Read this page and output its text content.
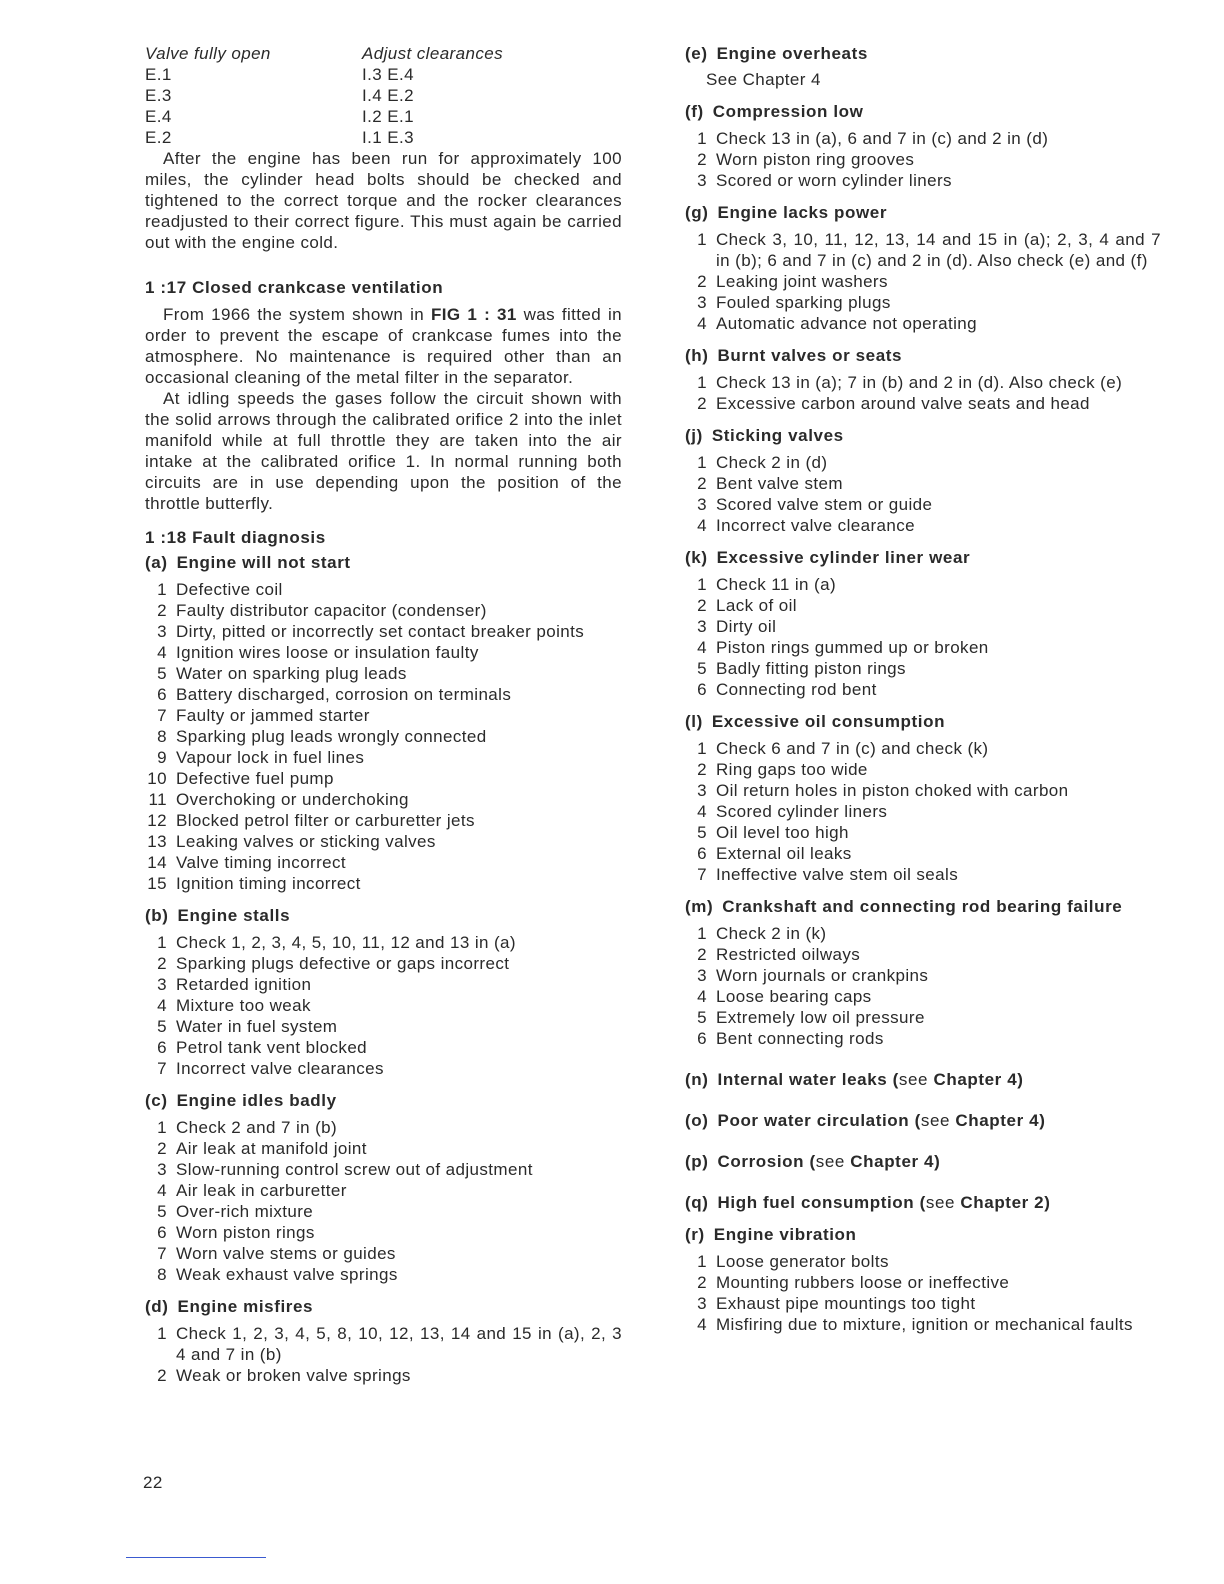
Valve fully open	Adjust clearances
E.1	I.3 E.4
E.3	I.4 E.2
E.4	I.2 E.1
E.2	I.1 E.3

After the engine has been run for approximately 100 miles, the cylinder head bolts should be checked and tightened to the correct torque and the rocker clearances readjusted to their correct figure. This must again be carried out with the engine cold.

1 :17 Closed crankcase ventilation

From 1966 the system shown in FIG 1 : 31 was fitted in order to prevent the escape of crankcase fumes into the atmosphere. No maintenance is required other than an occasional cleaning of the metal filter in the separator.

At idling speeds the gases follow the circuit shown with the solid arrows through the calibrated orifice 2 into the inlet manifold while at full throttle they are taken into the air intake at the calibrated orifice 1. In normal running both circuits are in use depending upon the position of the throttle butterfly.

1 :18 Fault diagnosis
(a) Engine will not start
1 Defective coil
2 Faulty distributor capacitor (condenser)
3 Dirty, pitted or incorrectly set contact breaker points
4 Ignition wires loose or insulation faulty
5 Water on sparking plug leads
6 Battery discharged, corrosion on terminals
7 Faulty or jammed starter
8 Sparking plug leads wrongly connected
9 Vapour lock in fuel lines
10 Defective fuel pump
11 Overchoking or underchoking
12 Blocked petrol filter or carburetter jets
13 Leaking valves or sticking valves
14 Valve timing incorrect
15 Ignition timing incorrect
(b) Engine stalls
1 Check 1, 2, 3, 4, 5, 10, 11, 12 and 13 in (a)
2 Sparking plugs defective or gaps incorrect
3 Retarded ignition
4 Mixture too weak
5 Water in fuel system
6 Petrol tank vent blocked
7 Incorrect valve clearances
(c) Engine idles badly
1 Check 2 and 7 in (b)
2 Air leak at manifold joint
3 Slow-running control screw out of adjustment
4 Air leak in carburetter
5 Over-rich mixture
6 Worn piston rings
7 Worn valve stems or guides
8 Weak exhaust valve springs
(d) Engine misfires
1 Check 1, 2, 3, 4, 5, 8, 10, 12, 13, 14 and 15 in (a), 2, 3 4 and 7 in (b)
2 Weak or broken valve springs
(e) Engine overheats
See Chapter 4
(f) Compression low
1 Check 13 in (a), 6 and 7 in (c) and 2 in (d)
2 Worn piston ring grooves
3 Scored or worn cylinder liners
(g) Engine lacks power
1 Check 3, 10, 11, 12, 13, 14 and 15 in (a); 2, 3, 4 and 7 in (b); 6 and 7 in (c) and 2 in (d). Also check (e) and (f)
2 Leaking joint washers
3 Fouled sparking plugs
4 Automatic advance not operating
(h) Burnt valves or seats
1 Check 13 in (a); 7 in (b) and 2 in (d). Also check (e)
2 Excessive carbon around valve seats and head
(j) Sticking valves
1 Check 2 in (d)
2 Bent valve stem
3 Scored valve stem or guide
4 Incorrect valve clearance
(k) Excessive cylinder liner wear
1 Check 11 in (a)
2 Lack of oil
3 Dirty oil
4 Piston rings gummed up or broken
5 Badly fitting piston rings
6 Connecting rod bent
(l) Excessive oil consumption
1 Check 6 and 7 in (c) and check (k)
2 Ring gaps too wide
3 Oil return holes in piston choked with carbon
4 Scored cylinder liners
5 Oil level too high
6 External oil leaks
7 Ineffective valve stem oil seals
(m) Crankshaft and connecting rod bearing failure
1 Check 2 in (k)
2 Restricted oilways
3 Worn journals or crankpins
4 Loose bearing caps
5 Extremely low oil pressure
6 Bent connecting rods
(n) Internal water leaks (see Chapter 4)
(o) Poor water circulation (see Chapter 4)
(p) Corrosion (see Chapter 4)
(q) High fuel consumption (see Chapter 2)
(r) Engine vibration
1 Loose generator bolts
2 Mounting rubbers loose or ineffective
3 Exhaust pipe mountings too tight
4 Misfiring due to mixture, ignition or mechanical faults
22
